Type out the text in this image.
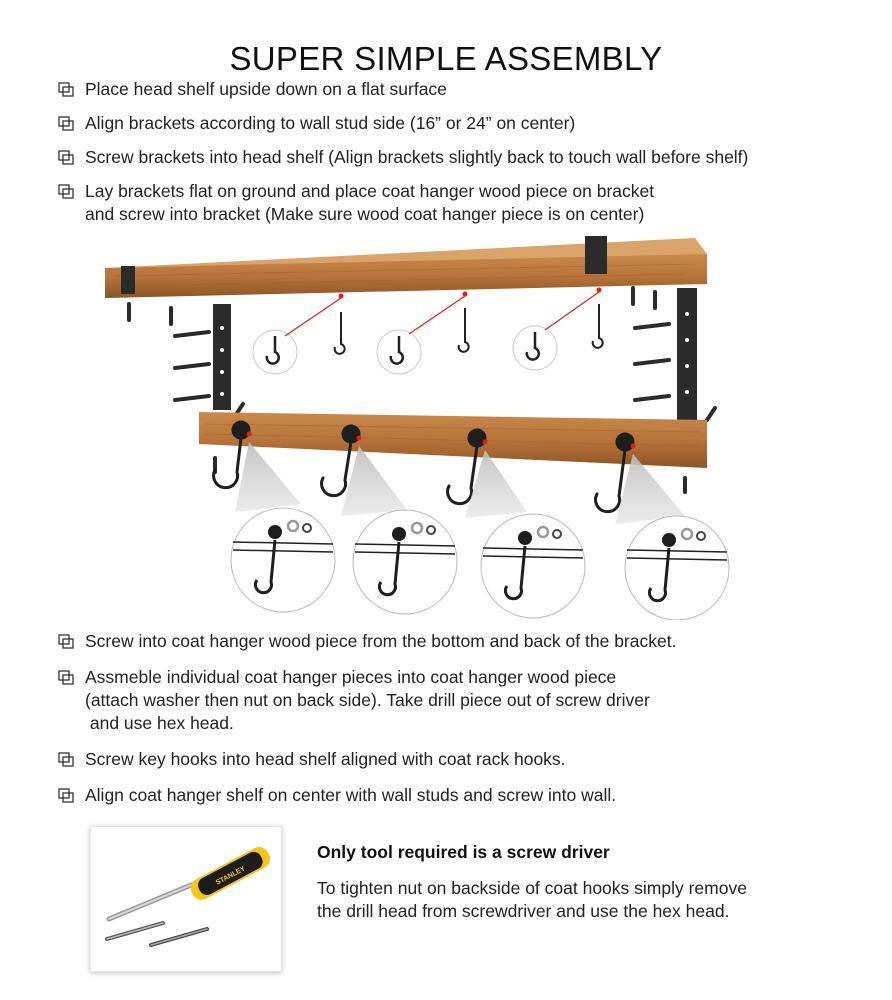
SUPER SIMPLE ASSEMBLY
Place head shelf upside down on a flat surface
Align brackets according to wall stud side (16” or 24” on center)
Screw brackets into head shelf (Align brackets slightly back to touch wall before shelf)
Lay brackets flat on ground and place coat hanger wood piece on bracket
and screw into bracket (Make sure wood coat hanger piece is on center)
Screw into coat hanger wood piece from the bottom and back of the bracket.
Assmeble individual coat hanger pieces into coat hanger wood piece
(attach washer then nut on back side). Take drill piece out of screw driver
and use hex head.
Screw key hooks into head shelf aligned with coat rack hooks.
Align coat hanger shelf on center with wall studs and screw into wall.
STANLEY
Only tool required is a screw driver
To tighten nut on backside of coat hooks simply remove the drill head from screwdriver and use the hex head.
